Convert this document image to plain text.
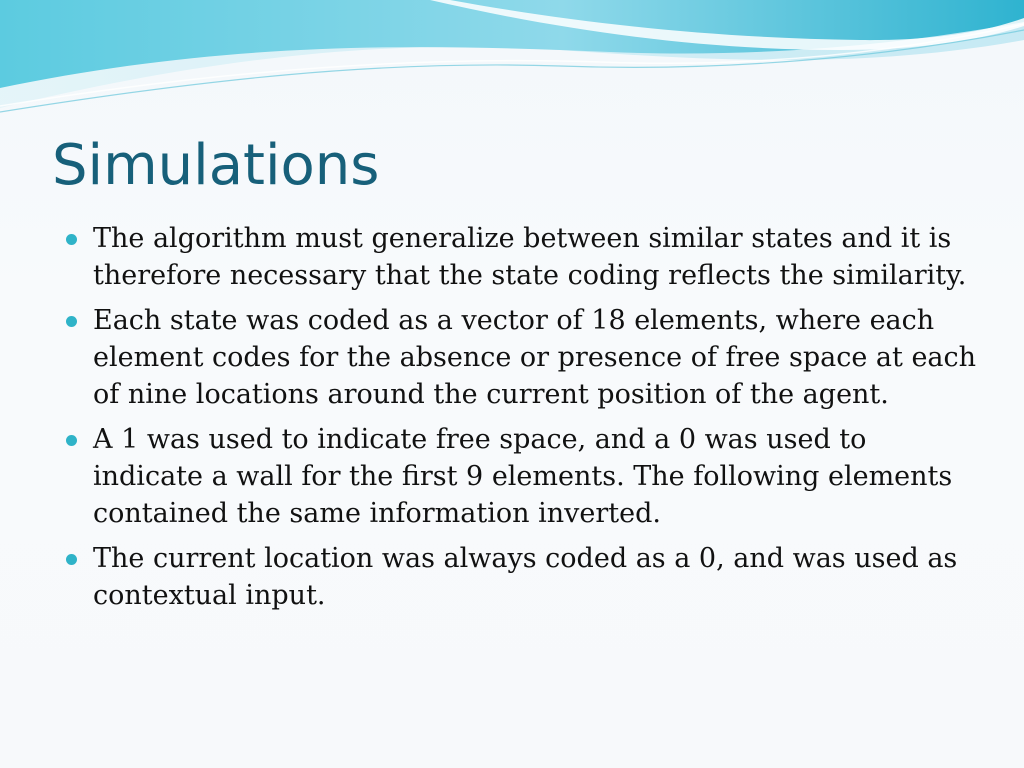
Simulations
The algorithm must generalize between similar states and it is therefore necessary that the state coding reflects the similarity.
Each state was coded as a vector of 18 elements, where each element codes for the absence or presence of free space at each of nine locations around the current position of the agent.
A 1 was used to indicate free space, and a 0 was used to indicate a wall for the first 9 elements. The following elements contained the same information inverted.
The current location was always coded as a 0, and was used as contextual input.
